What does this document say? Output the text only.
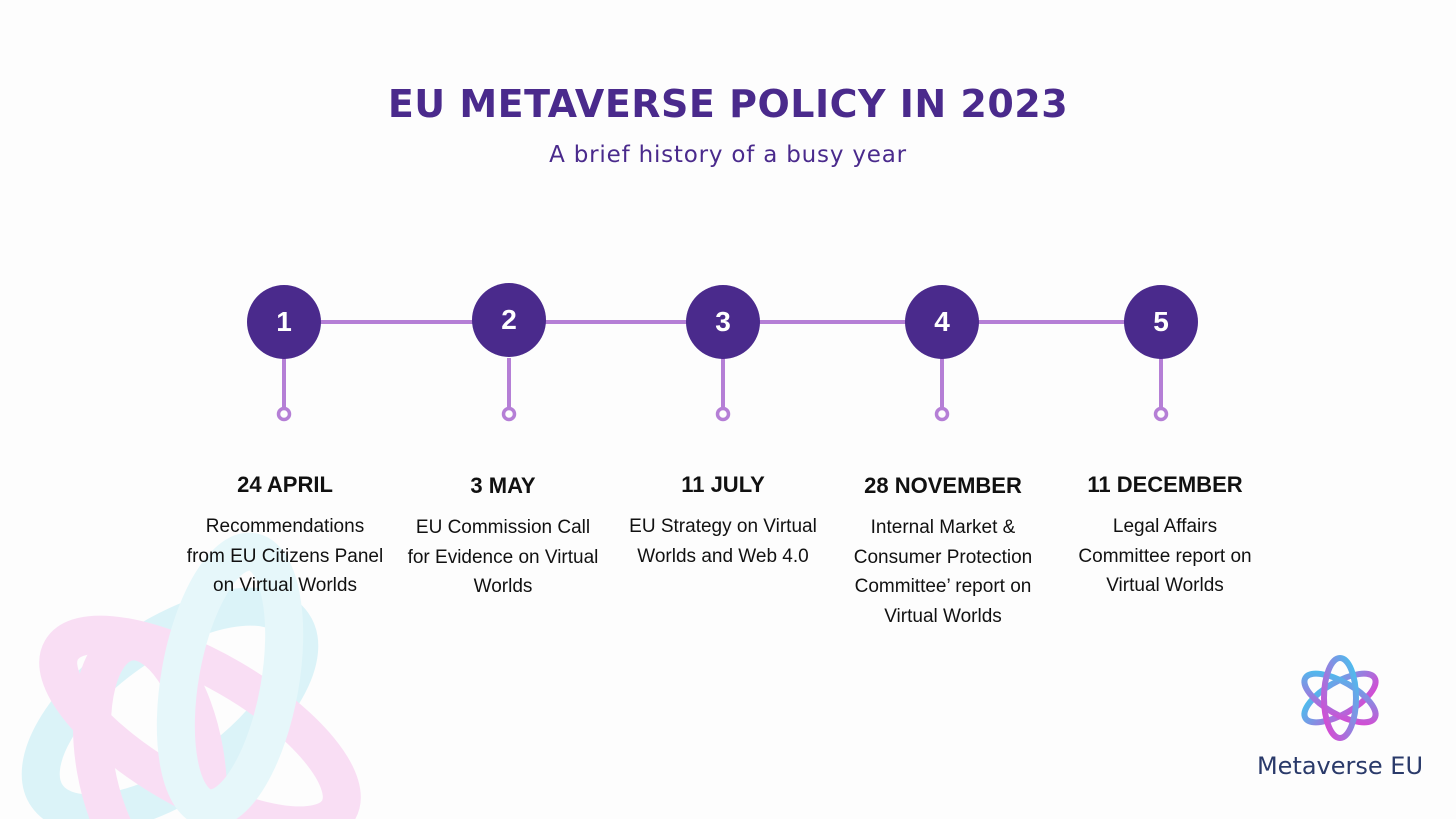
EU METAVERSE POLICY IN 2023
A brief history of a busy year
1	2	3	4	5
24 APRIL
Recommendations from EU Citizens Panel on Virtual Worlds
3 MAY
EU Commission Call for Evidence on Virtual Worlds
11 JULY
EU Strategy on Virtual Worlds and Web 4.0
28 NOVEMBER
Internal Market & Consumer Protection Committee’ report on Virtual Worlds
11 DECEMBER
Legal Affairs Committee report on Virtual Worlds
Metaverse EU
